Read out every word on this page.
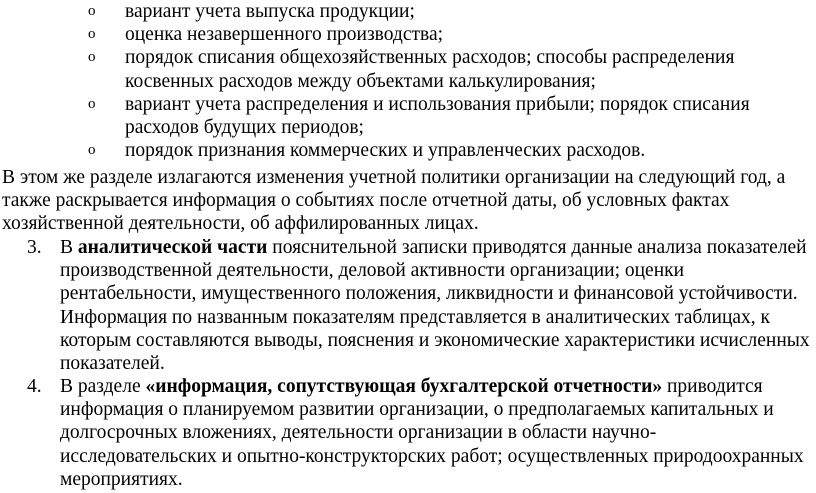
o вариант учета выпуска продукции;
o оценка незавершенного производства;
o порядок списания общехозяйственных расходов; способы распределения косвенных расходов между объектами калькулирования;
o вариант учета распределения и использования прибыли; порядок списания расходов будущих периодов;
o порядок признания коммерческих и управленческих расходов.

В этом же разделе излагаются изменения учетной политики организации на следующий год, а также раскрывается информация о событиях после отчетной даты, об условных фактах хозяйственной деятельности, об аффилированных лицах.

3. В аналитической части пояснительной записки приводятся данные анализа показателей производственной деятельности, деловой активности организации; оценки рентабельности, имущественного положения, ликвидности и финансовой устойчивости. Информация по названным показателям представляется в аналитических таблицах, к которым составляются выводы, пояснения и экономические характеристики исчисленных показателей.
4. В разделе «информация, сопутствующая бухгалтерской отчетности» приводится информация о планируемом развитии организации, о предполагаемых капитальных и долгосрочных вложениях, деятельности организации в области научно-исследовательских и опытно-конструкторских работ; осуществленных природоохранных мероприятиях.
